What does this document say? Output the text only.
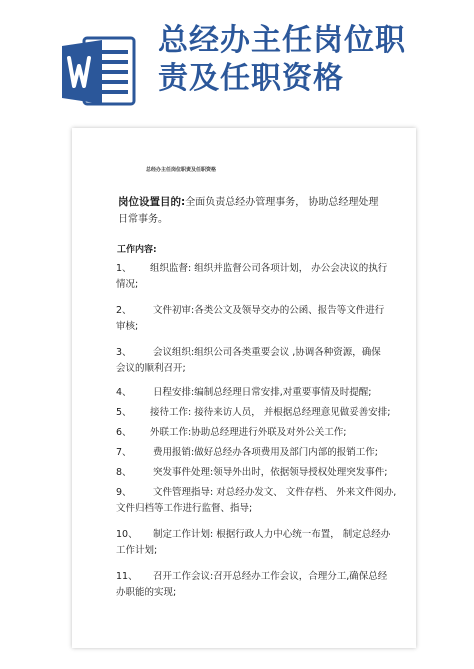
总经办主任岗位职
责及任职资格
总经办主任岗位职责及任职资格
岗位设置目的:全面负责总经办管理事务， 协助总经理处理
日常事务。
工作内容:
1、 组织监督: 组织并监督公司各项计划， 办公会决议的执行
情况;
2、 文件初审:各类公文及领导交办的公函、报告等文件进行
审核;
3、 会议组织:组织公司各类重要会议 ,协调各种资源，确保
会议的顺利召开;
4、 日程安排:编制总经理日常安排,对重要事情及时提醒;
5、 接待工作: 接待来访人员， 并根据总经理意见做妥善安排;
6、 外联工作:协助总经理进行外联及对外公关工作;
7、 费用报销:做好总经办各项费用及部门内部的报销工作;
8、 突发事件处理:领导外出时，依据领导授权处理突发事件;
9、 文件管理指导: 对总经办发文、 文件存档、 外来文件阅办,
文件归档等工作进行监督、指导;
10、 制定工作计划: 根据行政人力中心统一布置， 制定总经办
工作计划;
11、 召开工作会议:召开总经办工作会议，合理分工,确保总经
办职能的实现;
